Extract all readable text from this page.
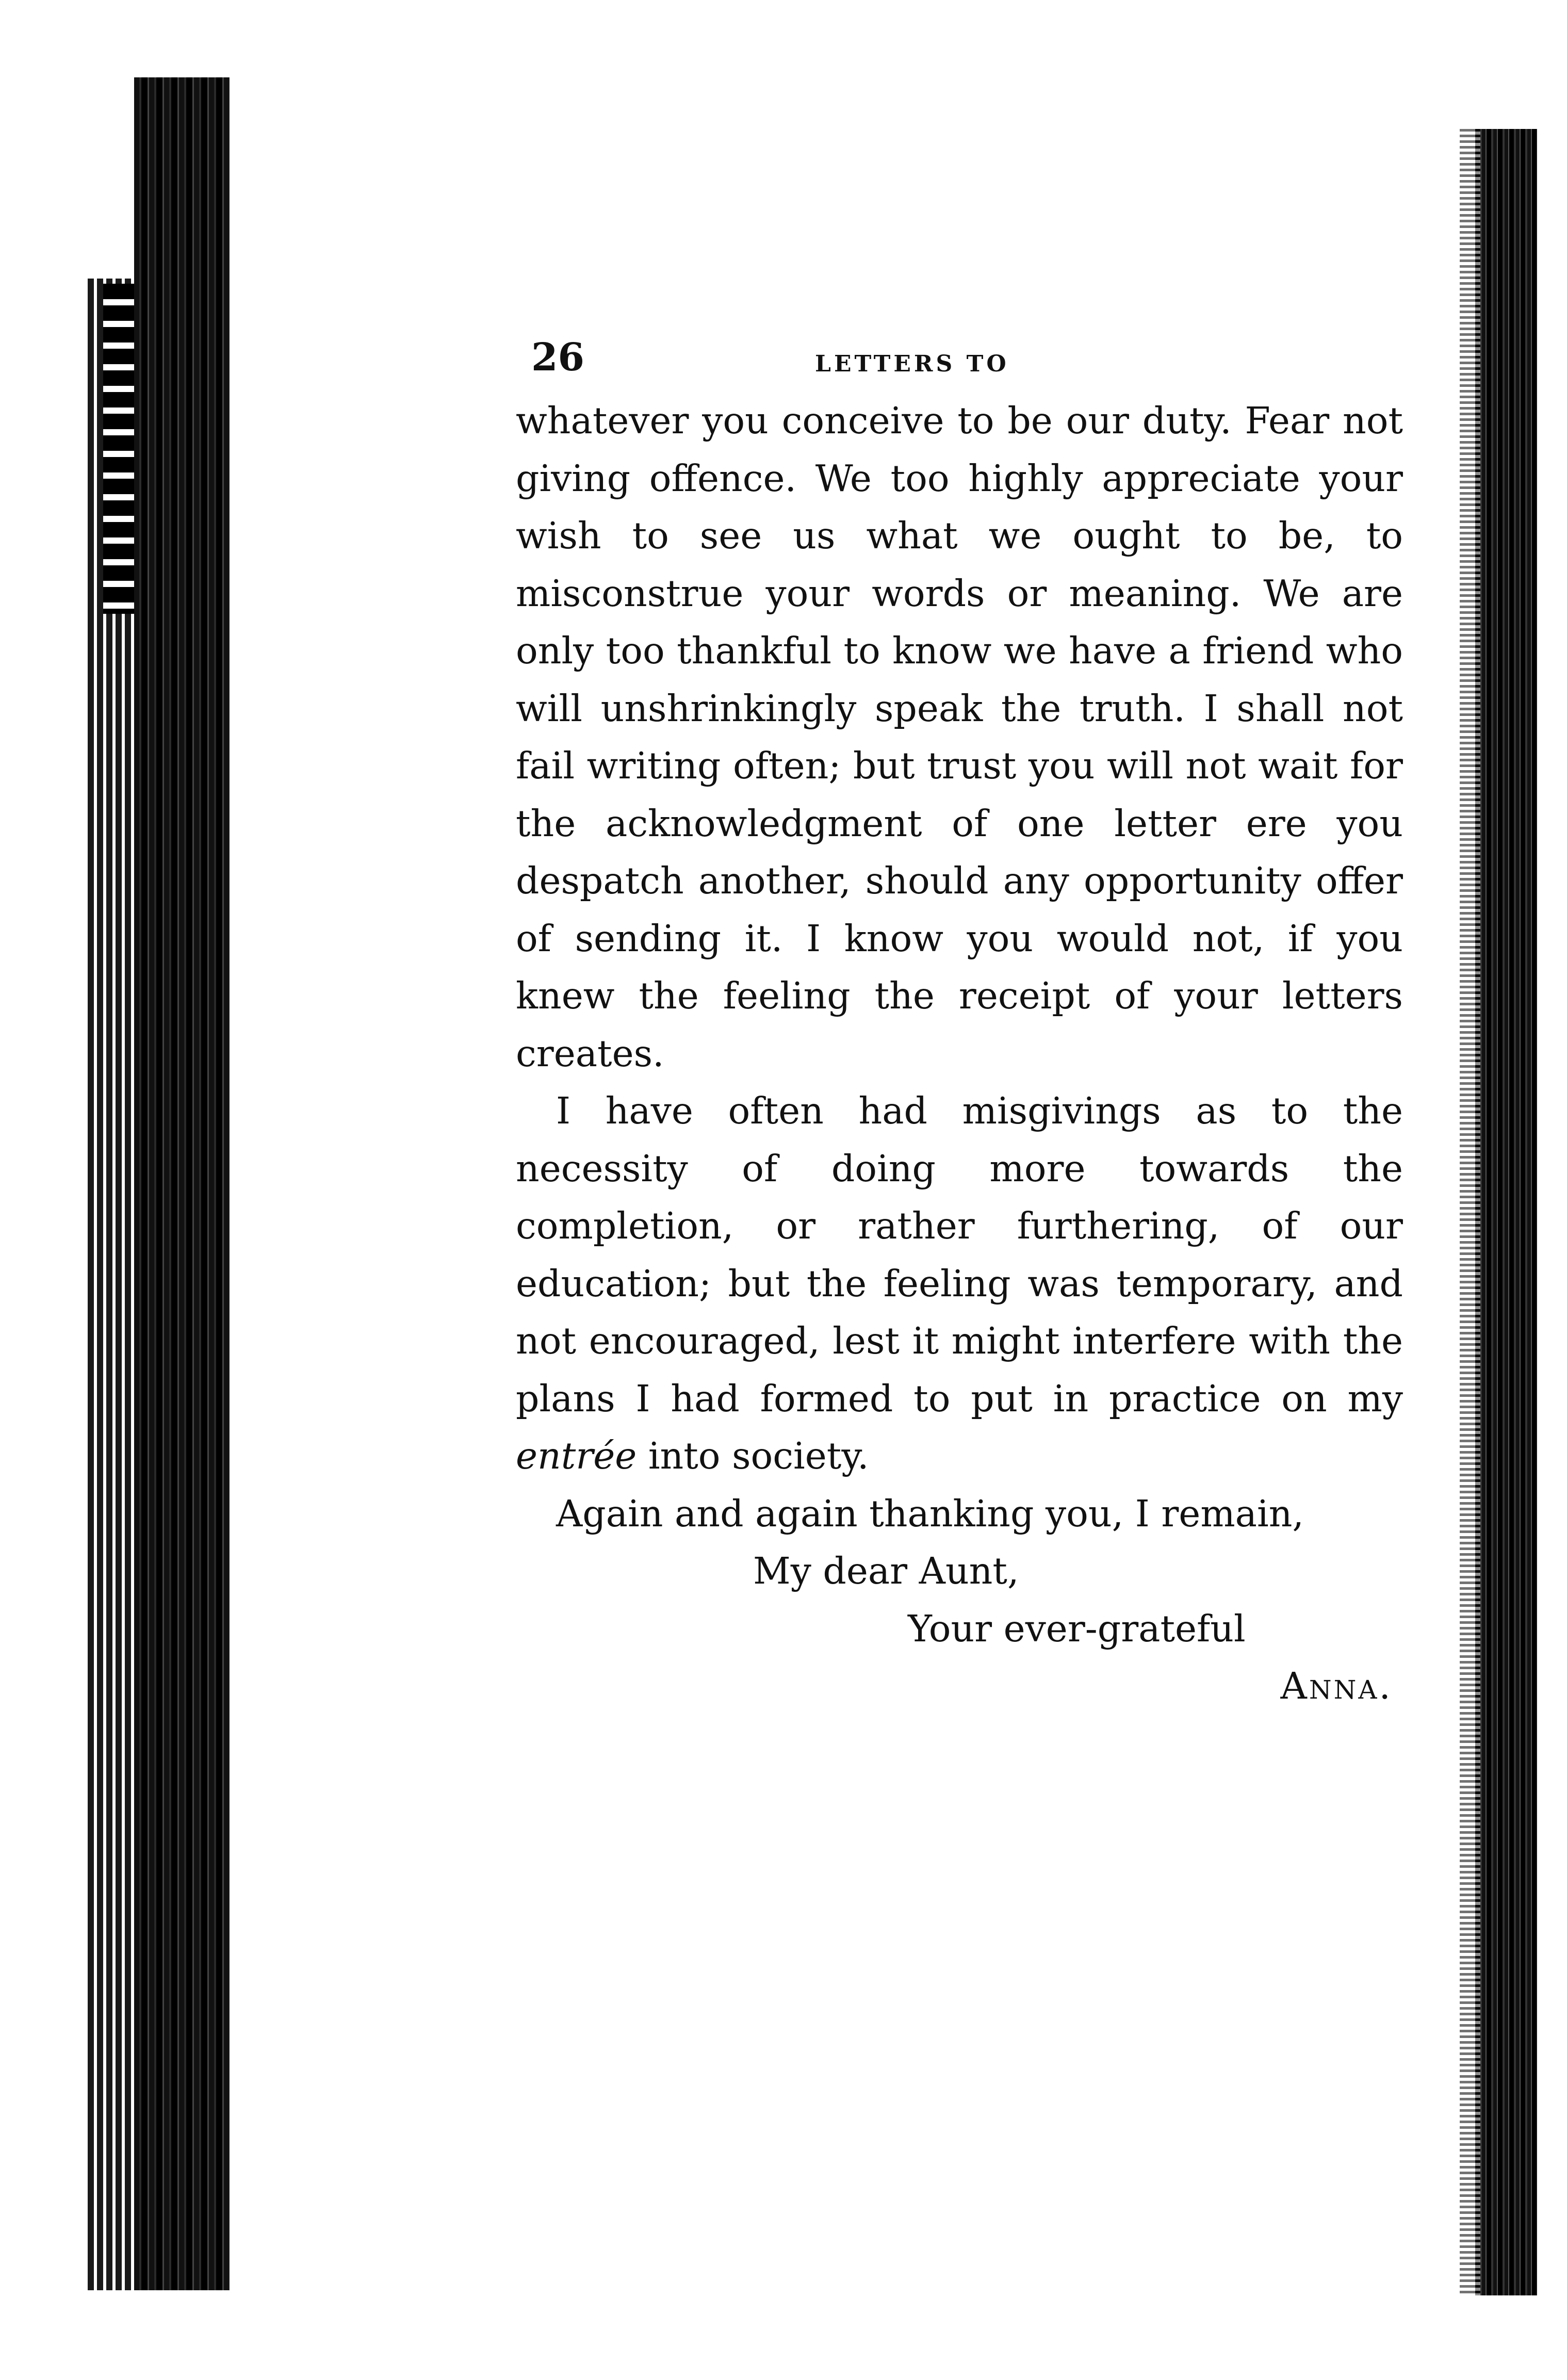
26	LETTERS TO

whatever you conceive to be our duty. Fear not giving offence. We too highly appreciate your wish to see us what we ought to be, to misconstrue your words or meaning. We are only too thankful to know we have a friend who will unshrinkingly speak the truth. I shall not fail writing often; but trust you will not wait for the acknowledgment of one letter ere you despatch another, should any opportunity offer of sending it. I know you would not, if you knew the feeling the receipt of your letters creates.

I have often had misgivings as to the necessity of doing more towards the completion, or rather furthering, of our education; but the feeling was temporary, and not encouraged, lest it might interfere with the plans I had formed to put in practice on my entrée into society.

Again and again thanking you, I remain,
My dear Aunt,
Your ever-grateful
Anna.
